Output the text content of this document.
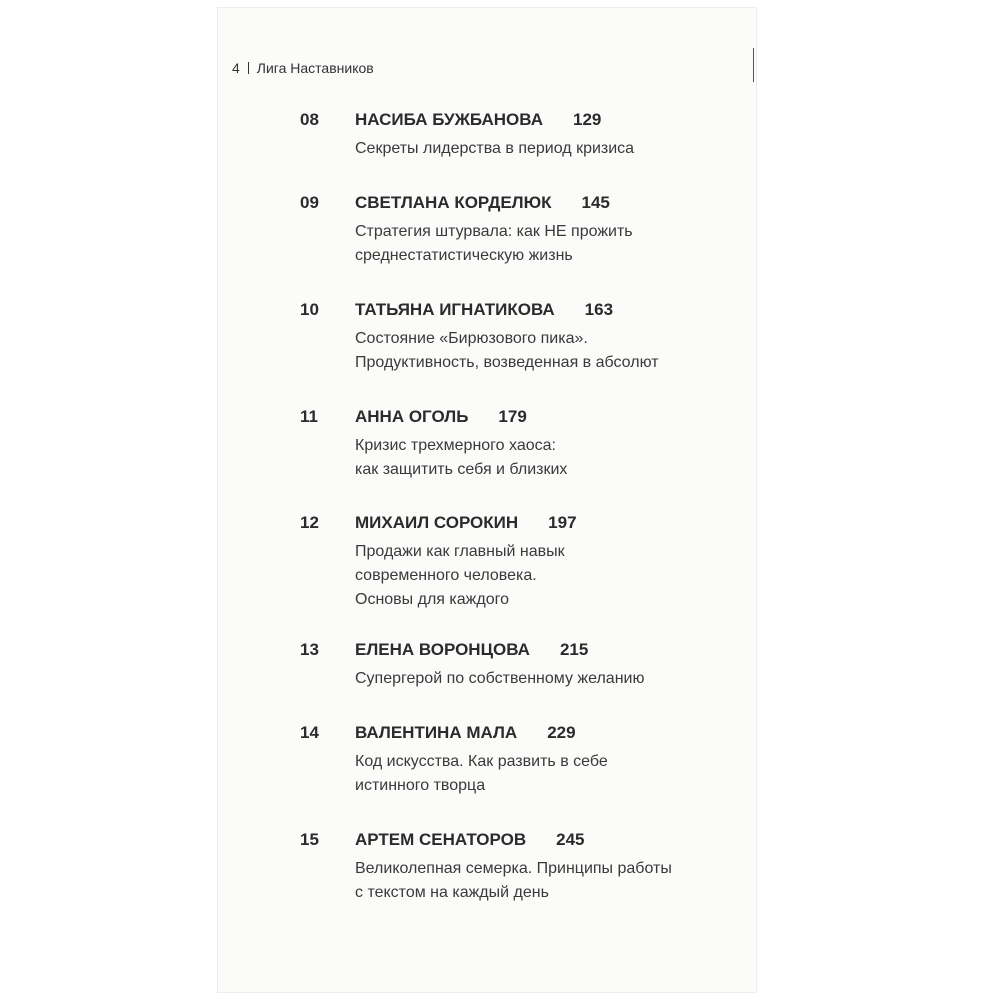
4 Лига Наставников
08 НАСИБА БУЖБАНОВА 129
Секреты лидерства в период кризиса
09 СВЕТЛАНА КОРДЕЛЮК 145
Стратегия штурвала: как НЕ прожить
среднестатистическую жизнь
10 ТАТЬЯНА ИГНАТИКОВА 163
Состояние «Бирюзового пика».
Продуктивность, возведенная в абсолют
11 АННА ОГОЛЬ 179
Кризис трехмерного хаоса:
как защитить себя и близких
12 МИХАИЛ СОРОКИН 197
Продажи как главный навык
современного человека.
Основы для каждого
13 ЕЛЕНА ВОРОНЦОВА 215
Супергерой по собственному желанию
14 ВАЛЕНТИНА МАЛА 229
Код искусства. Как развить в себе
истинного творца
15 АРТЕМ СЕНАТОРОВ 245
Великолепная семерка. Принципы работы
с текстом на каждый день
